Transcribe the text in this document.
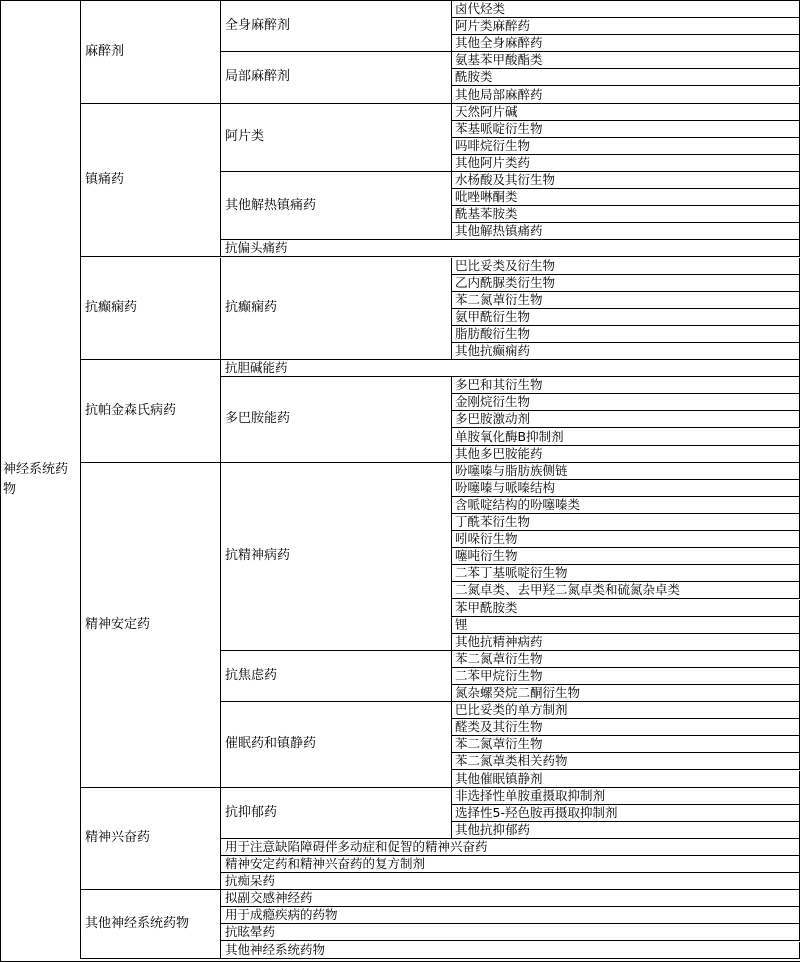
卤代烃类
阿片类麻醉药
其他全身麻醉药
全身麻醉剂
氨基苯甲酸酯类
酰胺类
其他局部麻醉药
局部麻醉剂
麻醉剂
天然阿片碱
苯基哌啶衍生物
吗啡烷衍生物
其他阿片类药
阿片类
水杨酸及其衍生物
吡唑啉酮类
酰基苯胺类
其他解热镇痛药
其他解热镇痛药
抗偏头痛药
镇痛药
巴比妥类及衍生物
乙内酰脲类衍生物
苯二氮䓬衍生物
氨甲酰衍生物
脂肪酸衍生物
其他抗癫痫药
抗癫痫药
抗癫痫药
抗胆碱能药
多巴和其衍生物
金刚烷衍生物
多巴胺激动剂
单胺氧化酶B抑制剂
其他多巴胺能药
多巴胺能药
抗帕金森氏病药
吩噻嗪与脂肪族侧链
吩噻嗪与哌嗪结构
含哌啶结构的吩噻嗪类
丁酰苯衍生物
吲哚衍生物
噻吨衍生物
二苯丁基哌啶衍生物
二氮卓类、去甲羟二氮卓类和硫氮杂卓类
苯甲酰胺类
锂
其他抗精神病药
抗精神病药
苯二氮䓬衍生物
二苯甲烷衍生物
氮杂螺癸烷二酮衍生物
抗焦虑药
巴比妥类的单方制剂
醛类及其衍生物
苯二氮䓬衍生物
苯二氮䓬类相关药物
其他催眠镇静剂
催眠药和镇静药
精神安定药
非选择性单胺重摄取抑制剂
选择性5-羟色胺再摄取抑制剂
其他抗抑郁药
抗抑郁药
用于注意缺陷障碍伴多动症和促智的精神兴奋药
精神安定药和精神兴奋药的复方制剂
抗痴呆药
精神兴奋药
拟副交感神经药
用于成瘾疾病的药物
抗眩晕药
其他神经系统药物
其他神经系统药物
神经系统药物
